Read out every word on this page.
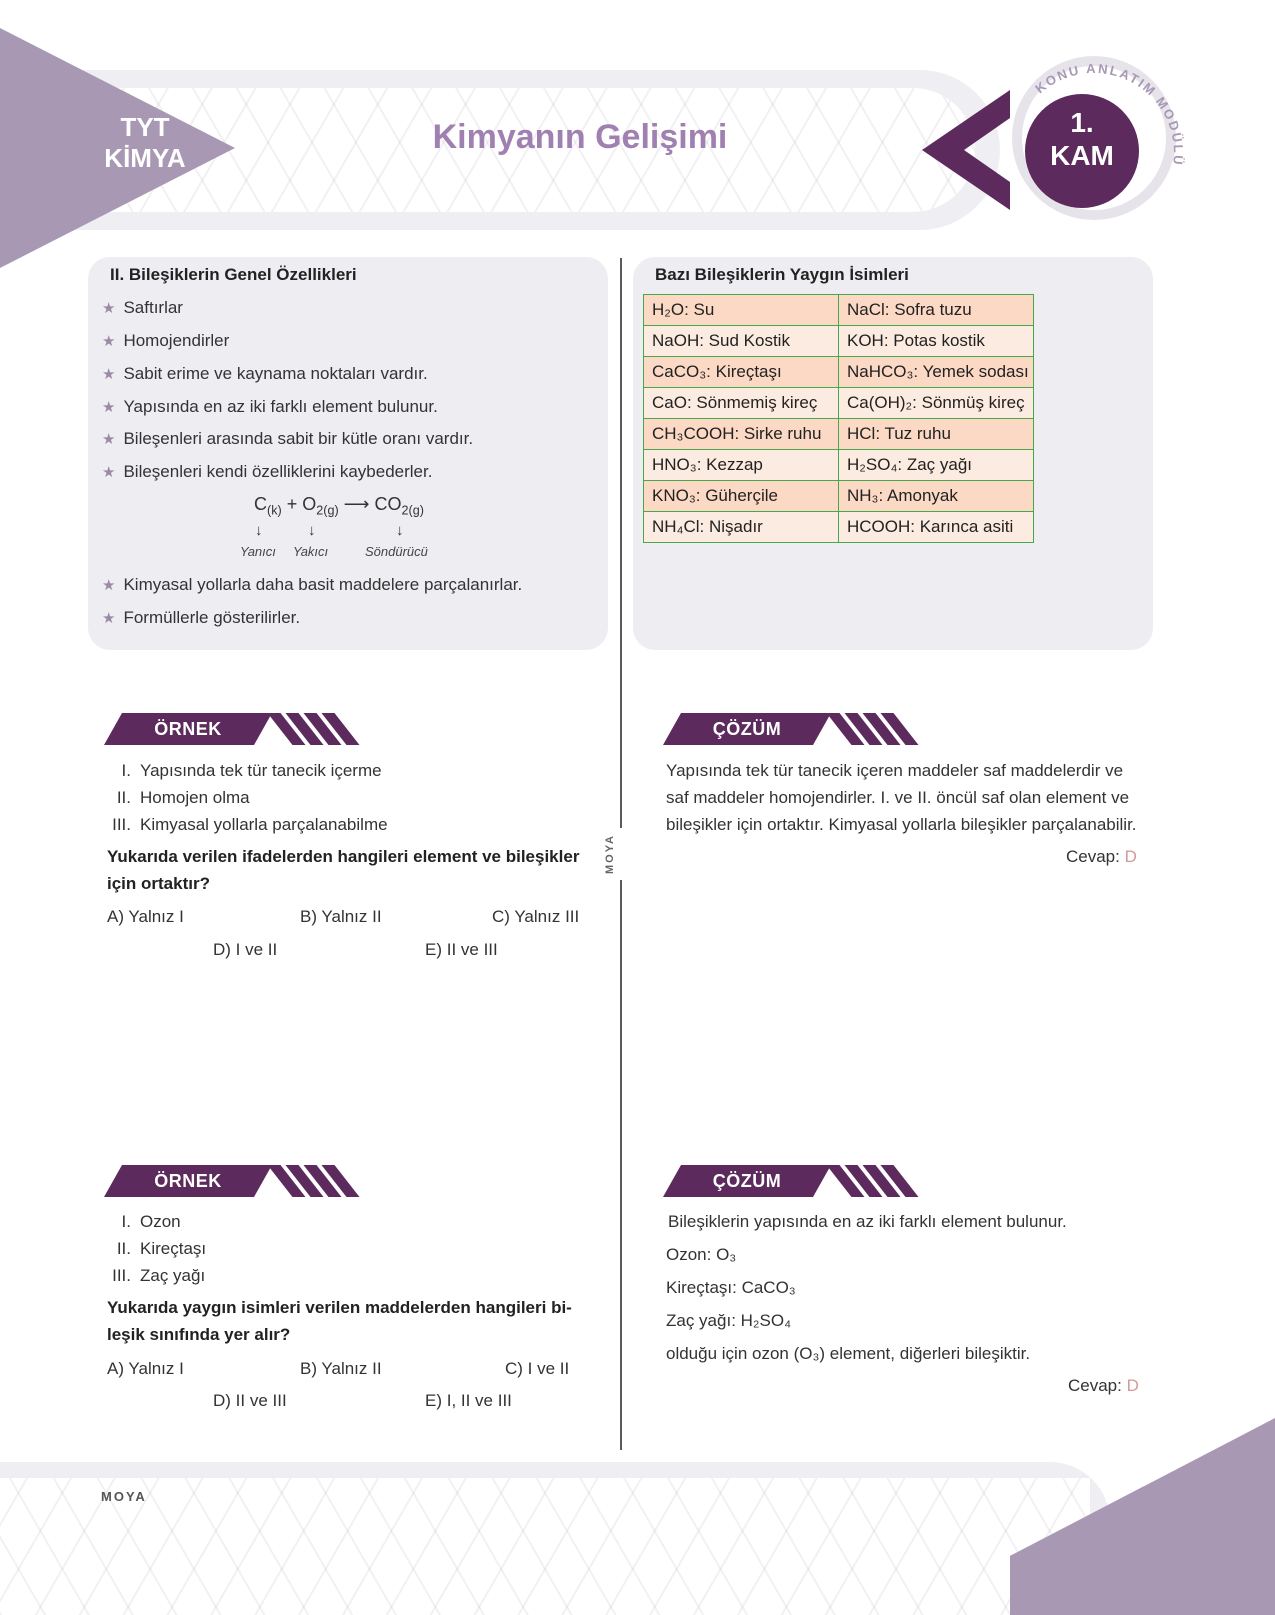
TYT
KİMYA
Kimyanın Gelişimi
KONU ANLATIM MODÜLÜ
1.
KAM
II. Bileşiklerin Genel Özellikleri
★ Saftırlar
★ Homojendirler
★ Sabit erime ve kaynama noktaları vardır.
★ Yapısında en az iki farklı element bulunur.
★ Bileşenleri arasında sabit bir kütle oranı vardır.
★ Bileşenleri kendi özelliklerini kaybederler.
$C_{(k)} + O_{2(g)}$ ⟶ $CO_{2(g)}$
↓	↓	↓
Yanıcı Yakıcı	Söndürücü
★ Kimyasal yollarla daha basit maddelere parçalanırlar.
★ Formüllerle gösterilirler.
Bazı Bileşiklerin Yaygın İsimleri
H₂O: Su	NaCl: Sofra tuzu
NaOH: Sud Kostik	KOH: Potas kostik
CaCO₃: Kireçtaşı	NaHCO₃: Yemek sodası
CaO: Sönmemiş kireç	Ca(OH)₂: Sönmüş kireç
CH₃COOH: Sirke ruhu	HCl: Tuz ruhu
HNO₃: Kezzap	H₂SO₄: Zaç yağı
KNO₃: Güherçile	NH₃: Amonyak
NH₄Cl: Nişadır	HCOOH: Karınca asiti
MOYA
ÖRNEK
I. Yapısında tek tür tanecik içerme
II. Homojen olma
III. Kimyasal yollarla parçalanabilme
Yukarıda verilen ifadelerden hangileri element ve bileşikler
için ortaktır?
A) Yalnız I	B) Yalnız II	C) Yalnız III
D) I ve II	E) II ve III
ÇÖZÜM
Yapısında tek tür tanecik içeren maddeler saf maddelerdir ve
saf maddeler homojendirler. I. ve II. öncül saf olan element ve
bileşikler için ortaktır. Kimyasal yollarla bileşikler parçalanabilir.
Cevap: D
ÖRNEK
I. Ozon
II. Kireçtaşı
III. Zaç yağı
Yukarıda yaygın isimleri verilen maddelerden hangileri bi-
leşik sınıfında yer alır?
A) Yalnız I	B) Yalnız II	C) I ve II
D) II ve III	E) I, II ve III
ÇÖZÜM
Bileşiklerin yapısında en az iki farklı element bulunur.
Ozon: O₃
Kireçtaşı: CaCO₃
Zaç yağı: H₂SO₄
olduğu için ozon (O₃) element, diğerleri bileşiktir.
Cevap: D
MOYA	7
